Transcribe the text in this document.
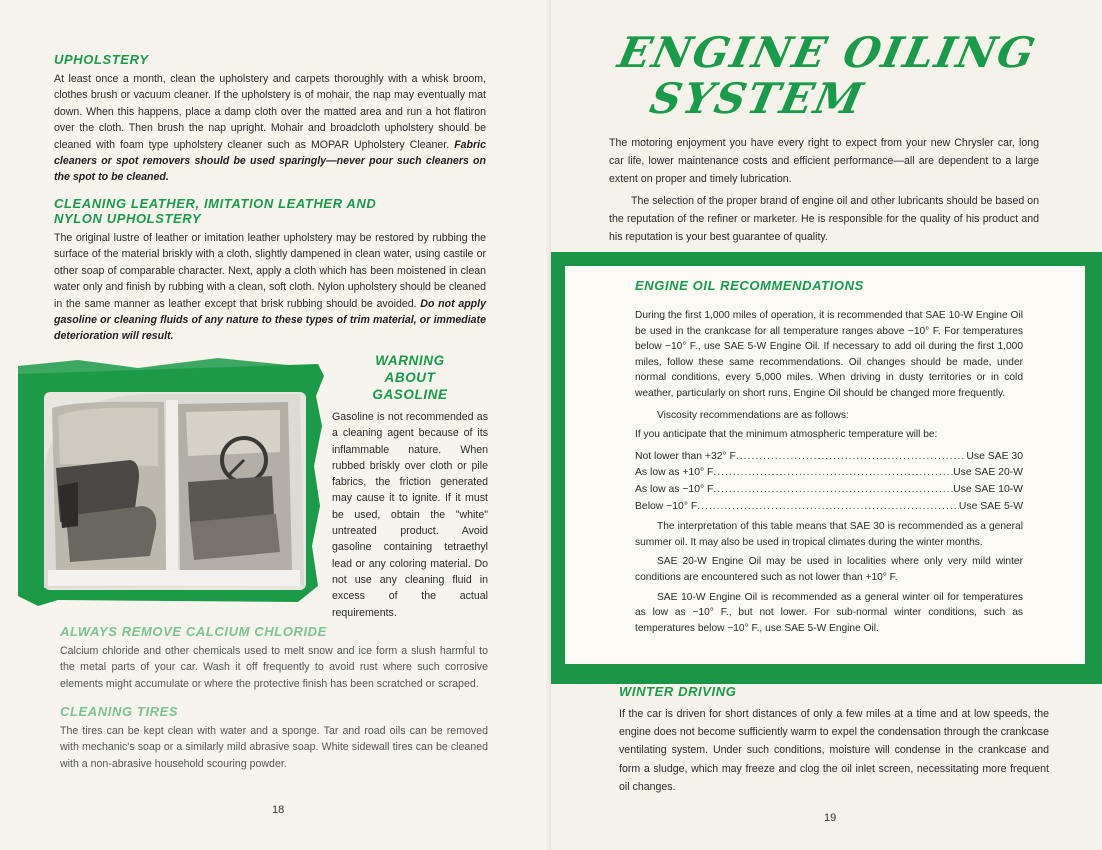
UPHOLSTERY

At least once a month, clean the upholstery and carpets thoroughly with a whisk broom, clothes brush or vacuum cleaner. If the upholstery is of mohair, the nap may eventually mat down. When this happens, place a damp cloth over the matted area and run a hot flatiron over the cloth. Then brush the nap upright. Mohair and broadcloth upholstery should be cleaned with foam type upholstery cleaner such as MOPAR Upholstery Cleaner. Fabric cleaners or spot removers should be used sparingly—never pour such cleaners on the spot to be cleaned.

CLEANING LEATHER, IMITATION LEATHER AND
NYLON UPHOLSTERY

The original lustre of leather or imitation leather upholstery may be restored by rubbing the surface of the material briskly with a cloth, slightly dampened in clean water, using castile or other soap of comparable character. Next, apply a cloth which has been moistened in clean water only and finish by rubbing with a clean, soft cloth. Nylon upholstery should be cleaned in the same manner as leather except that brisk rubbing should be avoided. Do not apply gasoline or cleaning fluids of any nature to these types of trim material, or immediate deterioration will result.

WARNING
ABOUT
GASOLINE

Gasoline is not recommended as a cleaning agent because of its inflammable nature. When rubbed briskly over cloth or pile fabrics, the friction generated may cause it to ignite. If it must be used, obtain the "white" untreated product. Avoid gasoline containing tetraethyl lead or any coloring material. Do not use any cleaning fluid in excess of the actual requirements.

ALWAYS REMOVE CALCIUM CHLORIDE

Calcium chloride and other chemicals used to melt snow and ice form a slush harmful to the metal parts of your car. Wash it off frequently to avoid rust where such corrosive elements might accumulate or where the protective finish has been scratched or scraped.

CLEANING TIRES

The tires can be kept clean with water and a sponge. Tar and road oils can be removed with mechanic's soap or a similarly mild abrasive soap. White sidewall tires can be cleaned with a non-abrasive household scouring powder.

18
ENGINE OILING
SYSTEM

The motoring enjoyment you have every right to expect from your new Chrysler car, long car life, lower maintenance costs and efficient performance—all are dependent to a large extent on proper and timely lubrication.

The selection of the proper brand of engine oil and other lubricants should be based on the reputation of the refiner or marketer. He is responsible for the quality of his product and his reputation is your best guarantee of quality.

ENGINE OIL RECOMMENDATIONS

During the first 1,000 miles of operation, it is recommended that SAE 10-W Engine Oil be used in the crankcase for all temperature ranges above −10° F. For temperatures below −10° F., use SAE 5-W Engine Oil. If necessary to add oil during the first 1,000 miles, follow these same recommendations. Oil changes should be made, under normal conditions, every 5,000 miles. When driving in dusty territories or in cold weather, particularly on short runs, Engine Oil should be changed more frequently.

Viscosity recommendations are as follows:

If you anticipate that the minimum atmospheric temperature will be:

Not lower than +32° F .....	Use SAE 30
As low as +10° F .....	Use SAE 20-W
As low as −10° F .....	Use SAE 10-W
Below −10° F .....	Use SAE 5-W

The interpretation of this table means that SAE 30 is recommended as a general summer oil. It may also be used in tropical climates during the winter months.

SAE 20-W Engine Oil may be used in localities where only very mild winter conditions are encountered such as not lower than +10° F.

SAE 10-W Engine Oil is recommended as a general winter oil for temperatures as low as −10° F., but not lower. For sub-normal winter conditions, such as temperatures below −10° F., use SAE 5-W Engine Oil.

WINTER DRIVING

If the car is driven for short distances of only a few miles at a time and at low speeds, the engine does not become sufficiently warm to expel the condensation through the crankcase ventilating system. Under such conditions, moisture will condense in the crankcase and form a sludge, which may freeze and clog the oil inlet screen, necessitating more frequent oil changes.

19
